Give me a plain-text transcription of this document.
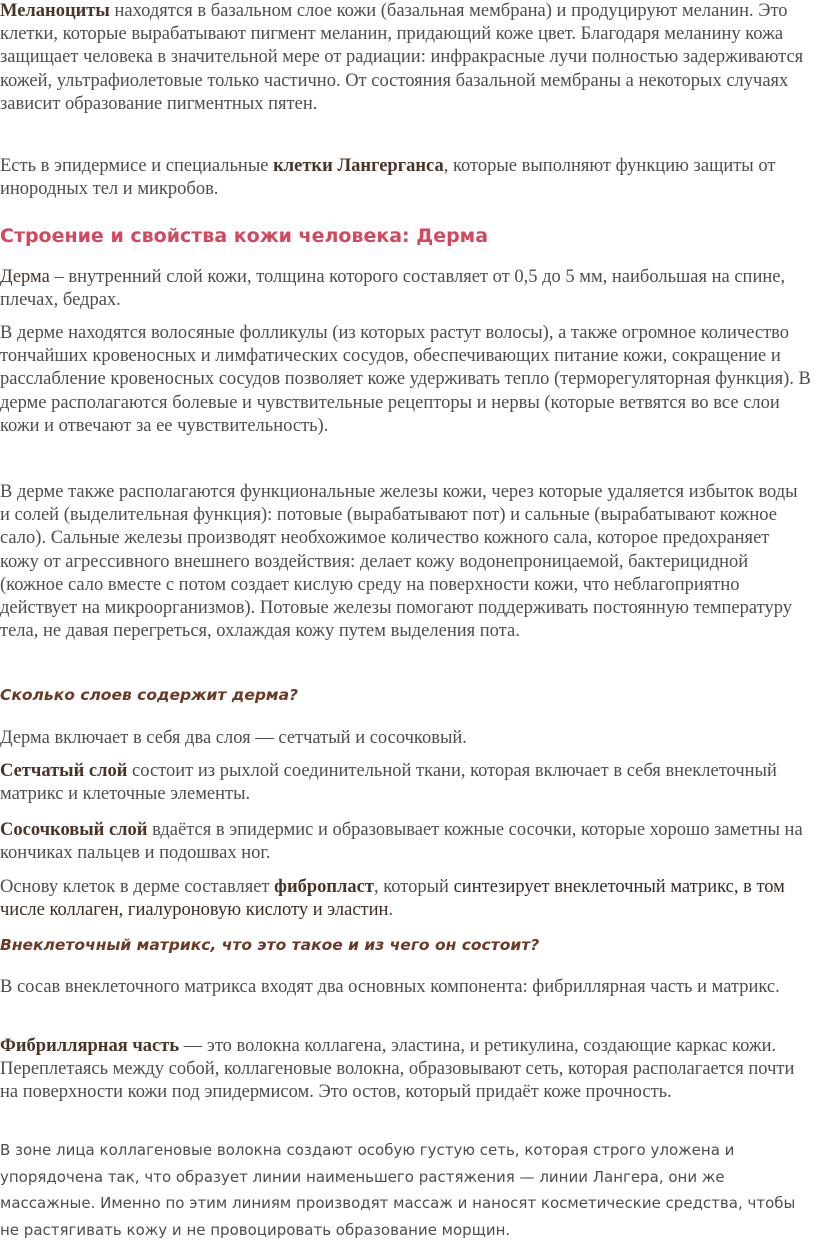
Меланоциты находятся в базальном слое кожи (базальная мембрана) и продуцируют меланин. Это клетки, которые вырабатывают пигмент меланин, придающий коже цвет. Благодаря меланину кожа защищает человека в значительной мере от радиации: инфракрасные лучи полностью задерживаются кожей, ультрафиолетовые только частично. От состояния базальной мембраны а некоторых случаях зависит образование пигментных пятен.

Есть в эпидермисе и специальные клетки Лангерганса, которые выполняют функцию защиты от инородных тел и микробов.

Строение и свойства кожи человека: Дерма

Дерма – внутренний слой кожи, толщина которого составляет от 0,5 до 5 мм, наибольшая на спине, плечах, бедрах.

В дерме находятся волосяные фолликулы (из которых растут волосы), а также огромное количество тончайших кровеносных и лимфатических сосудов, обеспечивающих питание кожи, сокращение и расслабление кровеносных сосудов позволяет коже удерживать тепло (терморегуляторная функция). В дерме располагаются болевые и чувствительные рецепторы и нервы (которые ветвятся во все слои кожи и отвечают за ее чувствительность).

В дерме также располагаются функциональные железы кожи, через которые удаляется избыток воды и солей (выделительная функция): потовые (вырабатывают пот) и сальные (вырабатывают кожное сало). Сальные железы производят необхожимое количество кожного сала, которое предохраняет кожу от агрессивного внешнего воздействия: делает кожу водонепроницаемой, бактерицидной (кожное сало вместе с потом создает кислую среду на поверхности кожи, что неблагоприятно действует на микроорганизмов). Потовые железы помогают поддерживать постоянную температуру тела, не давая перегреться, охлаждая кожу путем выделения пота.

Сколько слоев содержит дерма?

Дерма включает в себя два слоя — сетчатый и сосочковый.

Сетчатый слой состоит из рыхлой соединительной ткани, которая включает в себя внеклеточный матрикс и клеточные элементы.

Сосочковый слой вдаётся в эпидермис и образовывает кожные сосочки, которые хорошо заметны на кончиках пальцев и подошвах ног.

Основу клеток в дерме составляет фибропласт, который синтезирует внеклеточный матрикс, в том числе коллаген, гиалуроновую кислоту и эластин.

Внеклеточный матрикс, что это такое и из чего он состоит?

В сосав внеклеточного матрикса входят два основных компонента: фибриллярная часть и матрикс.

Фибриллярная часть — это волокна коллагена, эластина, и ретикулина, создающие каркас кожи. Переплетаясь между собой, коллагеновые волокна, образовывают сеть, которая располагается почти на поверхности кожи под эпидермисом. Это остов, который придаёт коже прочность.

В зоне лица коллагеновые волокна создают особую густую сеть, которая строго уложена и упорядочена так, что образует линии наименьшего растяжения — линии Лангера, они же массажные. Именно по этим линиям производят массаж и наносят косметические средства, чтобы не растягивать кожу и не провоцировать образование морщин.
